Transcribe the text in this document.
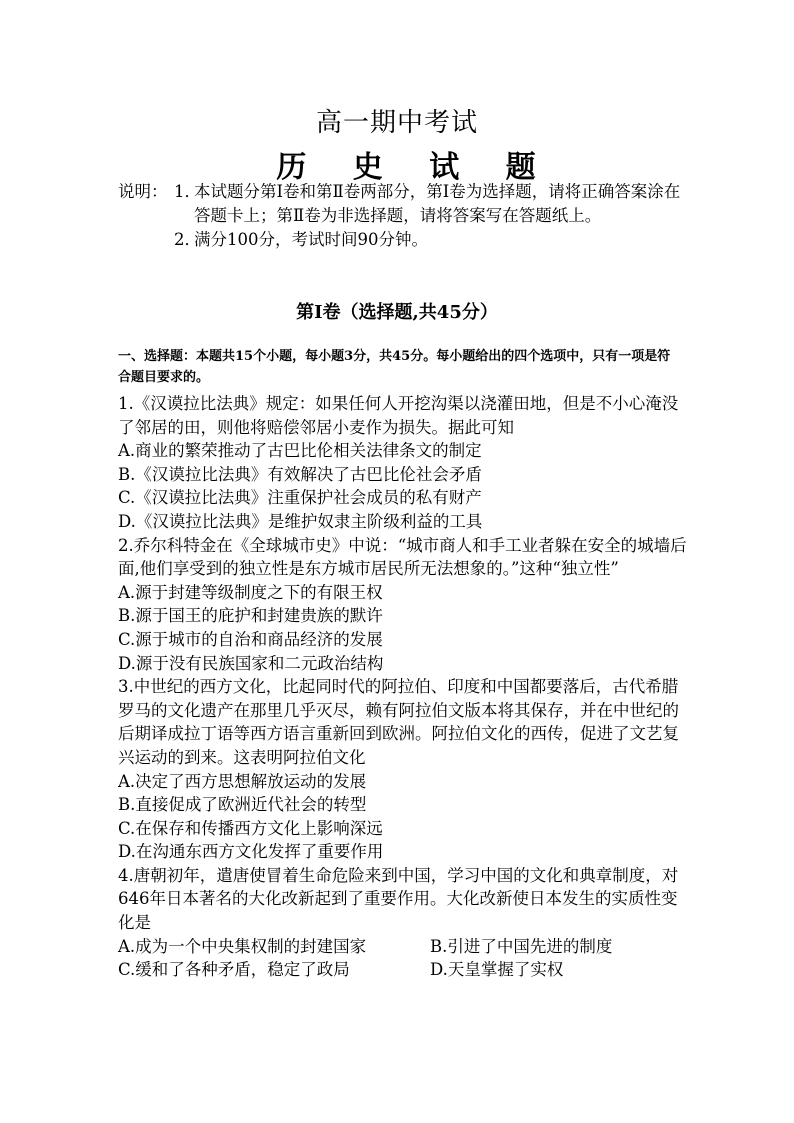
高一期中考试
历 史 试 题
说明： 1．
本试题分第Ⅰ卷和第Ⅱ卷两部分，第Ⅰ卷为选择题，请将正确答案涂在答题卡上；第Ⅱ卷为非选择题，请将答案写在答题纸上。
2．
满分100分，考试时间90分钟。
第Ⅰ卷（选择题,共45分）
一、选择题：本题共15个小题，每小题3分，共45分。每小题给出的四个选项中，只有一项是符合题目要求的。

1.《汉谟拉比法典》规定：如果任何人开挖沟渠以浇灌田地，但是不小心淹没了邻居的田，则他将赔偿邻居小麦作为损失。据此可知

A.商业的繁荣推动了古巴比伦相关法律条文的制定

B.《汉谟拉比法典》有效解决了古巴比伦社会矛盾

C.《汉谟拉比法典》注重保护社会成员的私有财产

D.《汉谟拉比法典》是维护奴隶主阶级利益的工具

2.乔尔科特金在《全球城市史》中说：“城市商人和手工业者躲在安全的城墙后面,他们享受到的独立性是东方城市居民所无法想象的。”这种“独立性”

A.源于封建等级制度之下的有限王权

B.源于国王的庇护和封建贵族的默许

C.源于城市的自治和商品经济的发展

D.源于没有民族国家和二元政治结构

3.中世纪的西方文化，比起同时代的阿拉伯、印度和中国都要落后，古代希腊罗马的文化遗产在那里几乎灭尽，赖有阿拉伯文版本将其保存，并在中世纪的后期译成拉丁语等西方语言重新回到欧洲。阿拉伯文化的西传，促进了文艺复兴运动的到来。这表明阿拉伯文化

A.决定了西方思想解放运动的发展

B.直接促成了欧洲近代社会的转型

C.在保存和传播西方文化上影响深远

D.在沟通东西方文化发挥了重要作用

4.唐朝初年，遣唐使冒着生命危险来到中国，学习中国的文化和典章制度，对646年日本著名的大化改新起到了重要作用。大化改新使日本发生的实质性变化是

A.成为一个中央集权制的封建国家	B.引进了中国先进的制度
C.缓和了各种矛盾，稳定了政局	D.天皇掌握了实权
